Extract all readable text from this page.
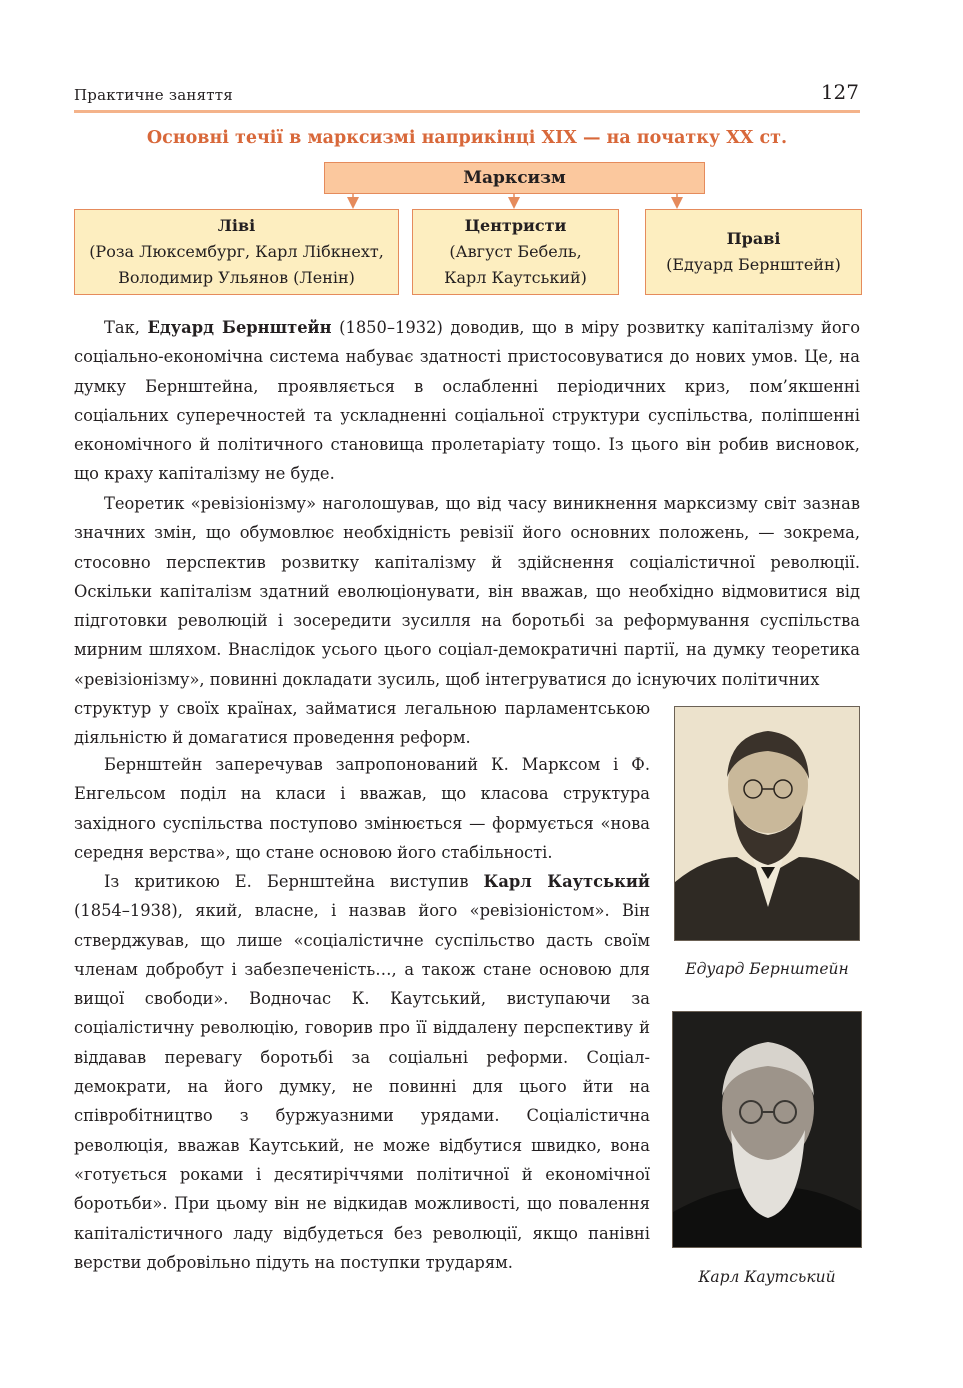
Практичне заняття	127
Основні течії в марксизмі наприкінці XIX — на початку XX ст.
Марксизм
Ліві
(Роза Люксембург, Карл Лібкнехт,
Володимир Ульянов (Ленін)
Центристи
(Август Бебель,
Карл Каутський)
Праві
(Едуард Бернштейн)

Так, Едуард Бернштейн (1850–1932) доводив, що в міру розвитку капіталізму його соціально-економічна система набуває здатності пристосовуватися до нових умов. Це, на думку Бернштейна, проявляється в ослабленні періодичних криз, пом’якшенні соціальних суперечностей та ускладненні соціальної структури суспільства, поліпшенні економічного й політичного становища пролетаріату тощо. Із цього він робив висновок, що краху капіталізму не буде.

Теоретик «ревізіонізму» наголошував, що від часу виникнення марксизму світ зазнав значних змін, що обумовлює необхідність ревізії його основних положень, — зокрема, стосовно перспектив розвитку капіталізму й здійснення соціалістичної революції. Оскільки капіталізм здатний еволюціонувати, він вважав, що необхідно відмовитися від підготовки революцій і зосередити зусилля на боротьбі за реформування суспільства мирним шляхом. Внаслідок усього цього соціал-демократичні партії, на думку теоретика «ревізіонізму», повинні докладати зусиль, щоб інтегруватися до існуючих політичних

структур у своїх країнах, займатися легальною парламентською діяльністю й домагатися проведення реформ.

Бернштейн заперечував запропонований К. Марксом і Ф. Енгельсом поділ на класи і вважав, що класова структура західного суспільства поступово змінюється — формується «нова середня верства», що стане основою його стабільності.

Із критикою Е. Бернштейна виступив Карл Каутський (1854–1938), який, власне, і назвав його «ревізіоністом». Він стверджував, що лише «соціалістичне суспільство дасть своїм членам добробут і забезпеченість…, а також стане основою для вищої свободи». Водночас К. Каутський, виступаючи за соціалістичну революцію, говорив про її віддалену перспективу й віддавав перевагу боротьбі за соціальні реформи. Соціал-демократи, на його думку, не повинні для цього йти на співробітництво з буржуазними урядами. Соціалістична революція, вважав Каутський, не може відбутися швидко, вона «готується роками і десятиріччями політичної й економічної боротьби». При цьому він не відкидав можливості, що повалення капіталістичного ладу відбудеться без революції, якщо панівні верстви добровільно підуть на поступки трударям.

Едуард Бернштейн
Карл Каутський
